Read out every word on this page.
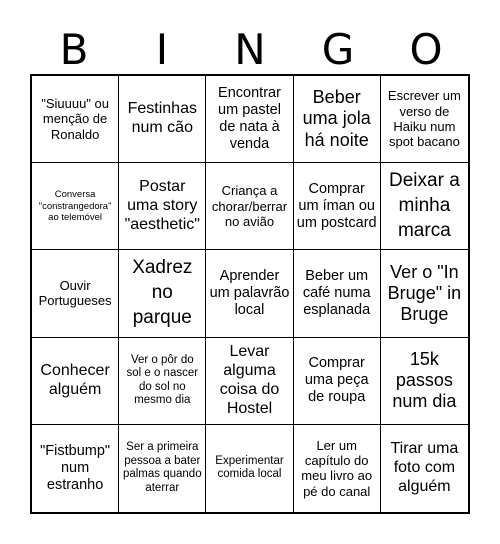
B	I	N	G	O
"Siuuuu" ou menção de Ronaldo
Festinhas num cão
Encontrar um pastel de nata à venda
Beber uma jola há noite
Escrever um verso de Haiku num spot bacano
Conversa "constrangedora" ao telemóvel
Postar uma story "aesthetic"
Criança a chorar/berrar no avião
Comprar um íman ou um postcard
Deixar a minha marca
Ouvir Portugueses
Xadrez no parque
Aprender um palavrão local
Beber um café numa esplanada
Ver o "In Bruge" in Bruge
Conhecer alguém
Ver o pôr do sol e o nascer do sol no mesmo dia
Levar alguma coisa do Hostel
Comprar uma peça de roupa
15k passos num dia
"Fistbump" num estranho
Ser a primeira pessoa a bater palmas quando aterrar
Experimentar comida local
Ler um capítulo do meu livro ao pé do canal
Tirar uma foto com alguém
